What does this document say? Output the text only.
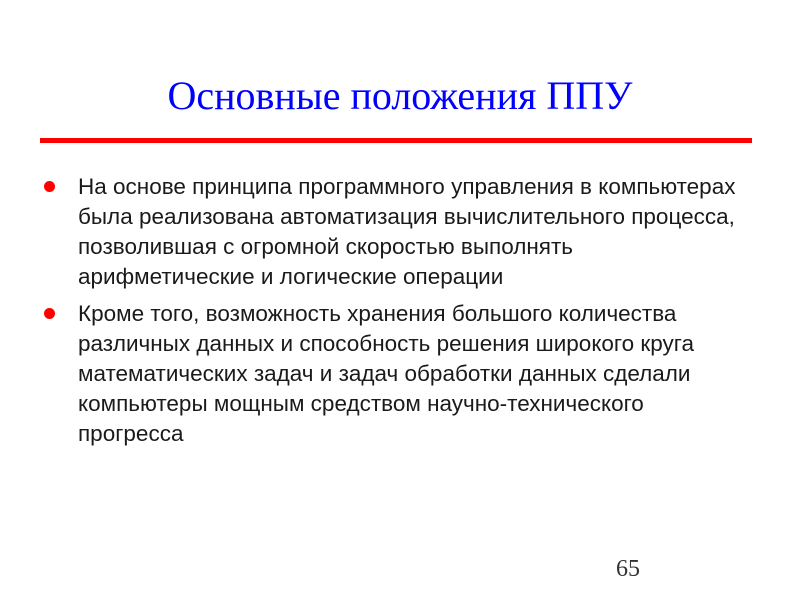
Основные положения ППУ
На основе принципа программного управления в компьютерах была реализована автоматизация вычислительного процесса, позволившая с огромной скоростью выполнять арифметические и логические операции
Кроме того, возможность хранения большого количества различных данных и способность решения широкого круга математических задач и задач обработки данных сделали компьютеры мощным средством научно-технического прогресса
65
